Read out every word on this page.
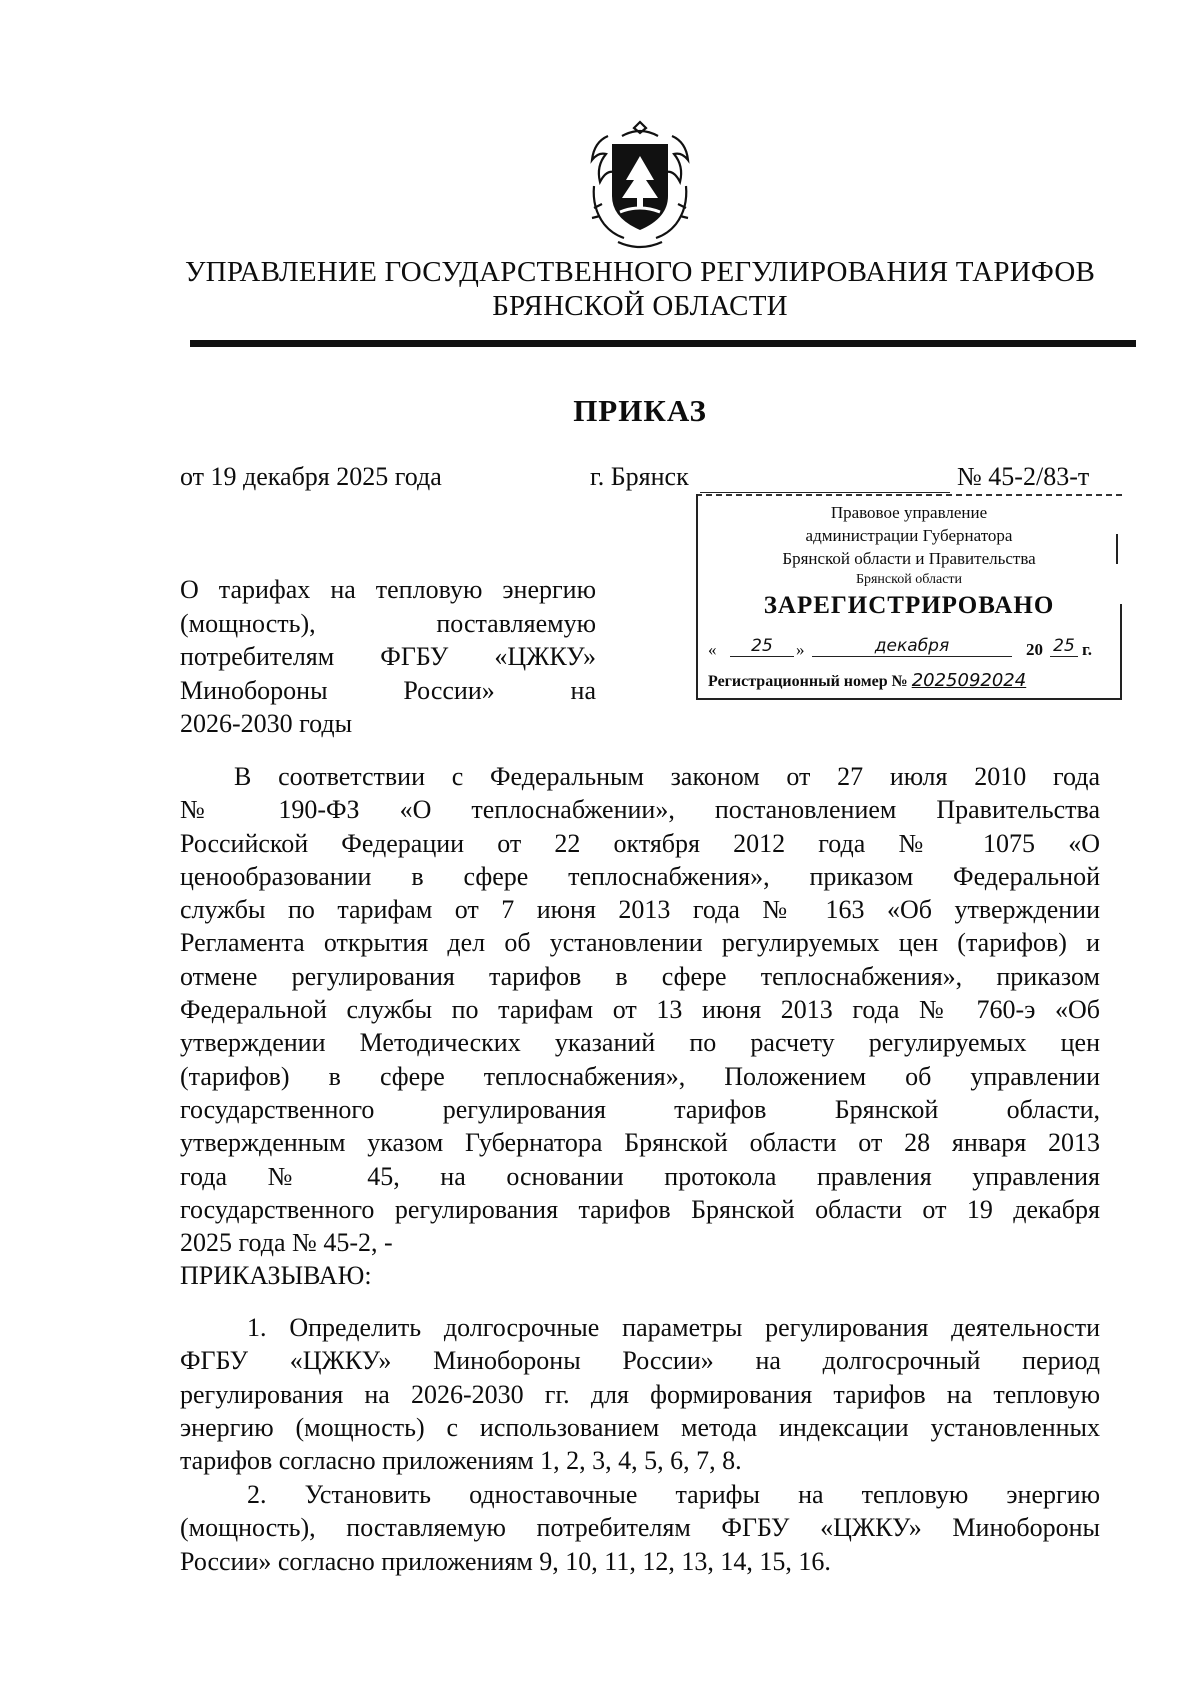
УПРАВЛЕНИЕ ГОСУДАРСТВЕННОГО РЕГУЛИРОВАНИЯ ТАРИФОВ
БРЯНСКОЙ ОБЛАСТИ
ПРИКАЗ
от 19 декабря 2025 года	г. Брянск	№ 45-2/83-т
Правовое управление
администрации Губернатора
Брянской области и Правительства
Брянской области
ЗАРЕГИСТРИРОВАНО
«	25	»	декабря	20 25 г.
Регистрационный номер № 2025092024
О тарифах на тепловую энергию
(мощность), поставляемую
потребителям ФГБУ «ЦЖКУ»
Минобороны России» на
2026-2030 годы
В соответствии с Федеральным законом от 27 июля 2010 года
№ 190-ФЗ «О теплоснабжении», постановлением Правительства
Российской Федерации от 22 октября 2012 года № 1075 «О
ценообразовании в сфере теплоснабжения», приказом Федеральной
службы по тарифам от 7 июня 2013 года № 163 «Об утверждении
Регламента открытия дел об установлении регулируемых цен (тарифов) и
отмене регулирования тарифов в сфере теплоснабжения», приказом
Федеральной службы по тарифам от 13 июня 2013 года № 760-э «Об
утверждении Методических указаний по расчету регулируемых цен
(тарифов) в сфере теплоснабжения», Положением об управлении
государственного регулирования тарифов Брянской области,
утвержденным указом Губернатора Брянской области от 28 января 2013
года № 45, на основании протокола правления управления
государственного регулирования тарифов Брянской области от 19 декабря
2025 года № 45-2, -
ПРИКАЗЫВАЮ:
1. Определить долгосрочные параметры регулирования деятельности
ФГБУ «ЦЖКУ» Минобороны России» на долгосрочный период
регулирования на 2026-2030 гг. для формирования тарифов на тепловую
энергию (мощность) с использованием метода индексации установленных
тарифов согласно приложениям 1, 2, 3, 4, 5, 6, 7, 8.
2. Установить одноставочные тарифы на тепловую энергию
(мощность), поставляемую потребителям ФГБУ «ЦЖКУ» Минобороны
России» согласно приложениям 9, 10, 11, 12, 13, 14, 15, 16.
